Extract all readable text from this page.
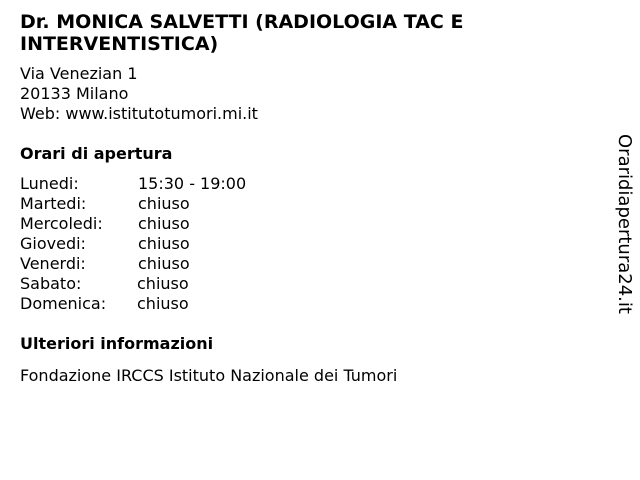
Dr. MONICA SALVETTI (RADIOLOGIA TAC E INTERVENTISTICA)
Via Venezian 1
20133 Milano
Web: www.istitutotumori.mi.it
Orari di apertura
Lunedi:	15:30 - 19:00
Martedi:	chiuso
Mercoledi: chiuso
Giovedi:	chiuso
Venerdi:	chiuso
Sabato:	chiuso
Domenica: chiuso
Ulteriori informazioni
Fondazione IRCCS Istituto Nazionale dei Tumori
Oraridiapertura24.it
